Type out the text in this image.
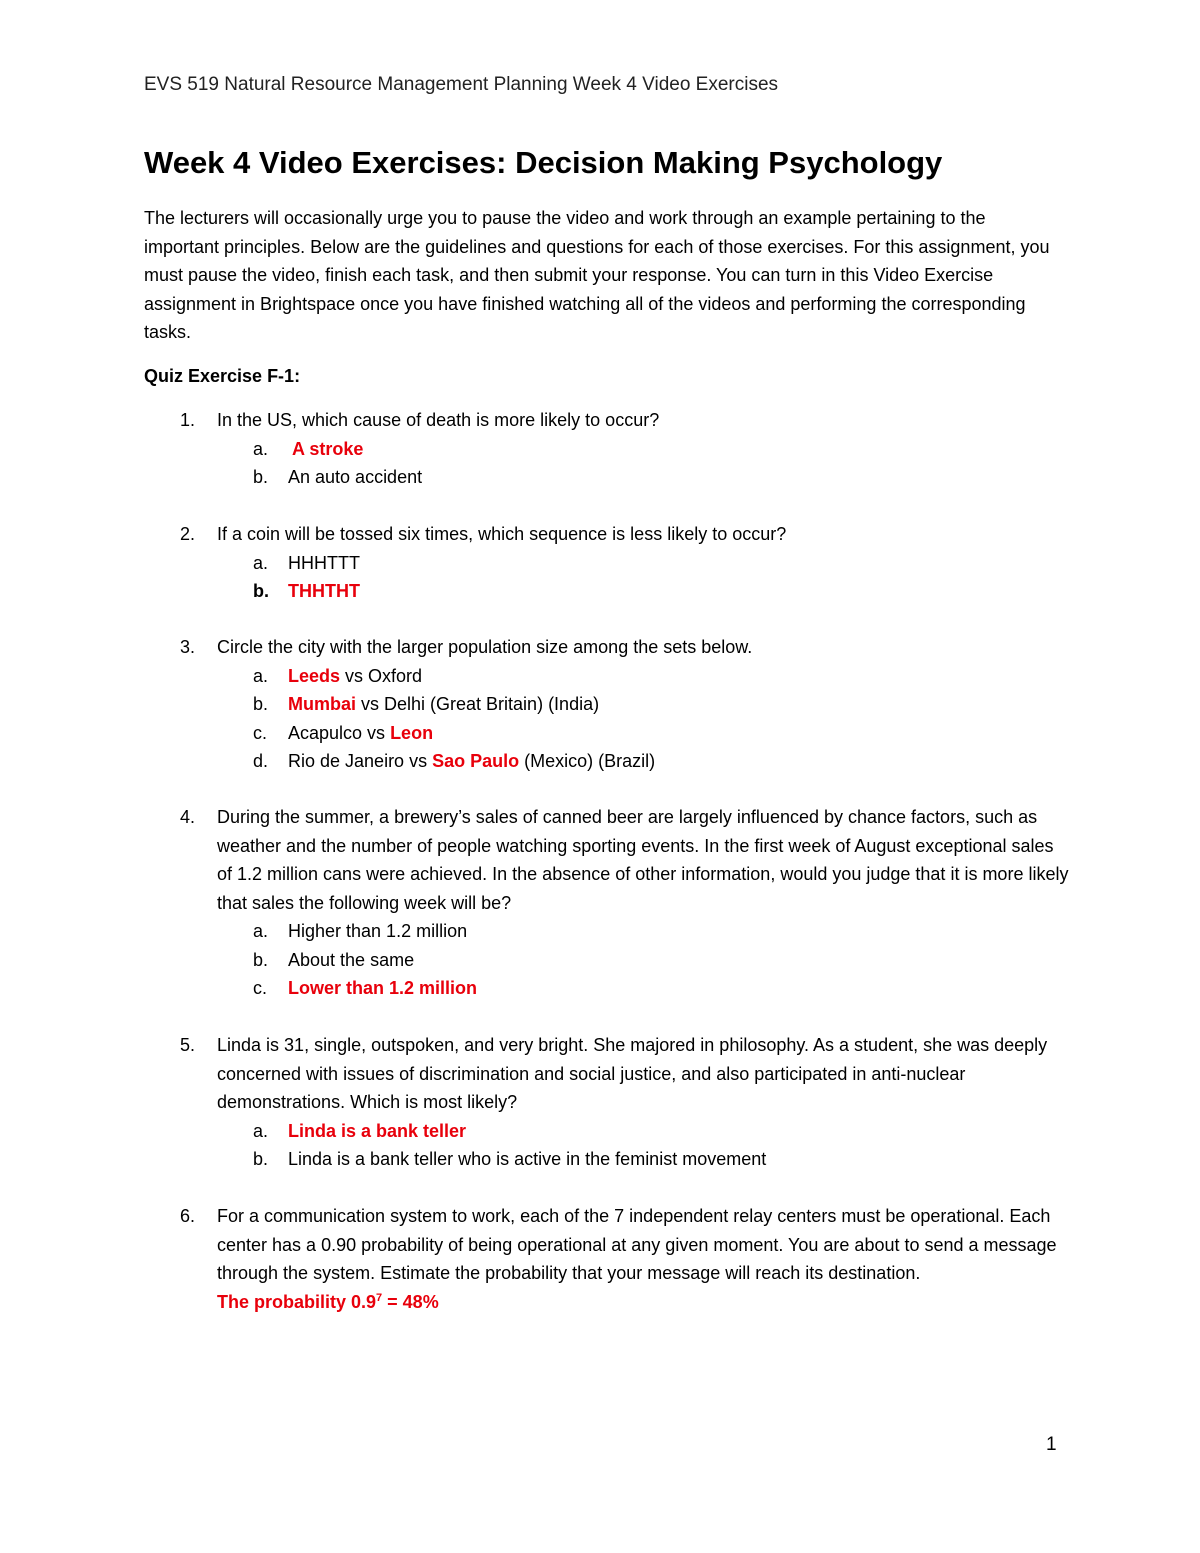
EVS 519 Natural Resource Management Planning Week 4 Video Exercises
Week 4 Video Exercises: Decision Making Psychology

The lecturers will occasionally urge you to pause the video and work through an example pertaining to the important principles. Below are the guidelines and questions for each of those exercises. For this assignment, you must pause the video, finish each task, and then submit your response. You can turn in this Video Exercise assignment in Brightspace once you have finished watching all of the videos and performing the corresponding tasks.

Quiz Exercise F-1:

1.	In the US, which cause of death is more likely to occur?
a. A stroke
b. An auto accident
2.	If a coin will be tossed six times, which sequence is less likely to occur?
a. HHHTTT
b. THHTHT
3.	Circle the city with the larger population size among the sets below.
a. Leeds vs Oxford
b. Mumbai vs Delhi (Great Britain) (India)
c. Acapulco vs Leon
d. Rio de Janeiro vs Sao Paulo (Mexico) (Brazil)
4.	During the summer, a brewery’s sales of canned beer are largely influenced by chance factors, such as weather and the number of people watching sporting events. In the first week of August exceptional sales of 1.2 million cans were achieved. In the absence of other information, would you judge that it is more likely that sales the following week will be?
a. Higher than 1.2 million
b. About the same
c. Lower than 1.2 million
5.	Linda is 31, single, outspoken, and very bright. She majored in philosophy. As a student, she was deeply concerned with issues of discrimination and social justice, and also participated in anti-nuclear demonstrations. Which is most likely?
a. Linda is a bank teller
b. Linda is a bank teller who is active in the feminist movement
6.	For a communication system to work, each of the 7 independent relay centers must be operational. Each center has a 0.90 probability of being operational at any given moment. You are about to send a message through the system. Estimate the probability that your message will reach its destination.
The probability $0.9^7 = 48\%$
1
